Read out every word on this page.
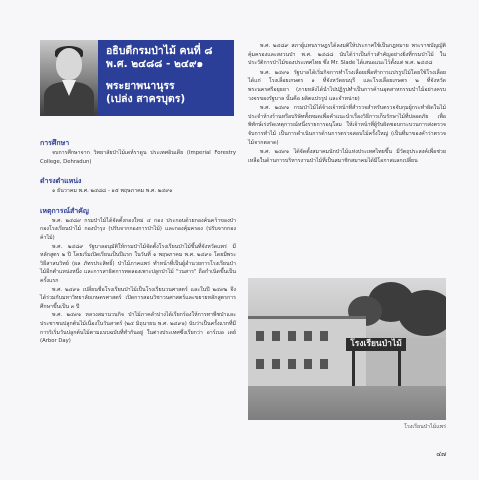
อธิบดีกรมป่าไม้ คนที่ ๘
พ.ศ. ๒๔๘๘ - ๒๔๙๑
พระยาพนานุรร
(เปล่ง สาครบุตร)
การศึกษา
จบการศึกษาจาก วิทยาลัยป่าไม้เดห์ราดูน ประเทศอินเดีย (Imperial Forestry College, Dehradun)
ดำรงตำแหน่ง
๑ ธันวาคม พ.ศ. ๒๔๘๘ - ๑๕ พฤษภาคม พ.ศ. ๒๔๙๑
เหตุการณ์สำคัญ
พ.ศ. ๒๔๘๙ กรมป่าไม้ได้จัดตั้งกองใหม่ ๔ กอง ประกอบด้วยกองค้นคว้าของป่า กองโรงเรียนป่าไม้ กองบำรุง (ปรับจากกองการป่าไม้) และกองคุ้มครอง (ปรับจากกองค้าไม้)
พ.ศ. ๒๔๘๙ รัฐบาลอนุมัติให้กรมป่าไม้จัดตั้งโรงเรียนป่าไม้ขึ้นที่จังหวัดแพร่ มีหลักสูตร ๒ ปี โดยเริ่มเปิดเรียนเป็นปีแรก ในวันที่ ๑ พฤษภาคม พ.ศ. ๒๔๙๐ โดยมีพระวิธีสาสนวิทย์ (ผล ภัทรประสิทธิ์) ป่าไม้ภาคแพร่ ทำหน้าที่เป็นผู้อำนวยการโรงเรียนป่าไม้อีกตำแหน่งหนึ่ง และการสาธิตการทดลองเพาะปลูกป่าไม้ "วนสาร" ถือกำเนิดขึ้นเป็นครั้งแรก
พ.ศ. ๒๔๙๑ เปลี่ยนชื่อโรงเรียนป่าไม้เป็นโรงเรียนวนศาสตร์ และในปี ๒๔๙๒ จึงได้ร่วมกับมหาวิทยาลัยเกษตรศาสตร์ เปิดการสอนวิชาวนศาสตร์และขยายหลักสูตรการศึกษาขึ้นเป็น ๓ ปี
พ.ศ. ๒๔๙๑ หลวงสมานวนกิจ ป่าไม้ภาคลำปางได้เรียกร้องให้การทาพืชป่าและประชาชนปลูกต้นไม้เนื่องในวันสาตร์ (๒๔ มิถุนายน พ.ศ. ๒๔๙๑) นับว่าเป็นครั้งแรกที่มีการริเริ่มวันปลูกต้นไม้ตามแบบฉบับที่ทำกันอยู่ ในต่างประเทศซึ่งเรียกว่า อาร์เบอ เดย์ (Arbor Day)
พ.ศ. ๒๔๘๙ สภาผู้แทนราษฎรได้ลงมติให้ประกาศใช้เป็นกฎหมาย พระราชบัญญัติคุ้มครองและสงวนป่า พ.ศ. ๒๔๘๘ นับได้ว่าเป็นก้าวสำคัญอย่างยิ่งที่กรมป่าไม้ ในประวัติการป่าไม้ของประเทศไทย ซึ่ง Mr. Slade ได้เสนอแนะไว้ตั้งแต่ พ.ศ. ๒๔๔๘
พ.ศ. ๒๔๙๑ รัฐบาลได้เริ่มกิจการทำโรงเลื่อยเพื่อทำการแปรรูปไม้โดยใช้โรงเลื่อย ได้แก่ โรงเลื่อยเกษตร ๑ ที่จังหวัดธนบุรี และโรงเลื่อยเกษตร ๒ ที่จังหวัดพระนครศรีอยุธยา (ภายหลังได้นำไปปฏิรูปทำเป็นการค้านอุตสาหกรรมป่าไม้อย่างครบวงจรของรัฐบาล นั้นคือ ผลิตแปรรูป และจำหน่าย)
พ.ศ. ๒๔๙๑ กรมป่าไม้ได้จ้างเจ้าหน้าที่สำรวจสำหรับตรวจจับกุมผู้กระทำผิดในไม้ประจำห้างร้านหรือบริษัททั้งหมดเพื่อคำแนะนำเรื่องวิธีการเก็บรักษาไม้ที่ปลอดภัย เพื่อพิทักษ์เร่งรัดเหตุการณ์หนึ่งรายการอนุโลม ให้เจ้าหน้าที่ผู้รับผิดชอบกระบวนการส่งตรวจจับการทำไม้ เป็นการดำเนินการด้านการตรวจสอบไม้ครั้งใหญ่ (เป็นที่มาของคำว่าตรวจไม้จากตลาด)
พ.ศ. ๒๔๙๑ ได้จัดตั้งสมาคมนักป่าไม้แห่งประเทศไทยขึ้น มีวัตถุประสงค์เพื่อช่วยเหลือในด้านการบริหารงานป่าไม้ที่เป็นสมาชิกสมาคมได้มีโอกาสแลกเปลี่ยน
โรงเรียนป่าไม้
โรงเรียนป่าไม้แพร่
๔๗
